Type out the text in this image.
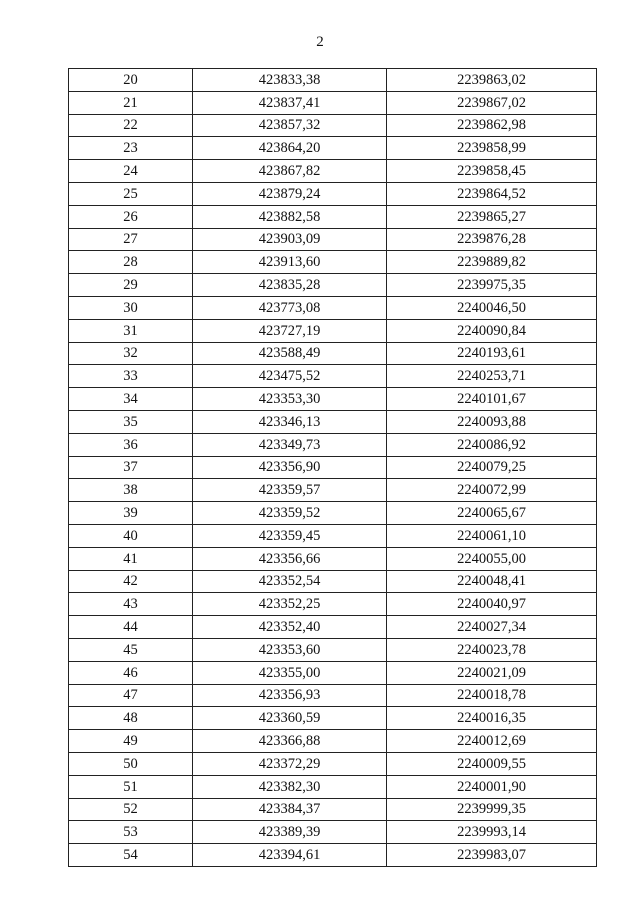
2
20	423833,38	2239863,02
21	423837,41	2239867,02
22	423857,32	2239862,98
23	423864,20	2239858,99
24	423867,82	2239858,45
25	423879,24	2239864,52
26	423882,58	2239865,27
27	423903,09	2239876,28
28	423913,60	2239889,82
29	423835,28	2239975,35
30	423773,08	2240046,50
31	423727,19	2240090,84
32	423588,49	2240193,61
33	423475,52	2240253,71
34	423353,30	2240101,67
35	423346,13	2240093,88
36	423349,73	2240086,92
37	423356,90	2240079,25
38	423359,57	2240072,99
39	423359,52	2240065,67
40	423359,45	2240061,10
41	423356,66	2240055,00
42	423352,54	2240048,41
43	423352,25	2240040,97
44	423352,40	2240027,34
45	423353,60	2240023,78
46	423355,00	2240021,09
47	423356,93	2240018,78
48	423360,59	2240016,35
49	423366,88	2240012,69
50	423372,29	2240009,55
51	423382,30	2240001,90
52	423384,37	2239999,35
53	423389,39	2239993,14
54	423394,61	2239983,07
